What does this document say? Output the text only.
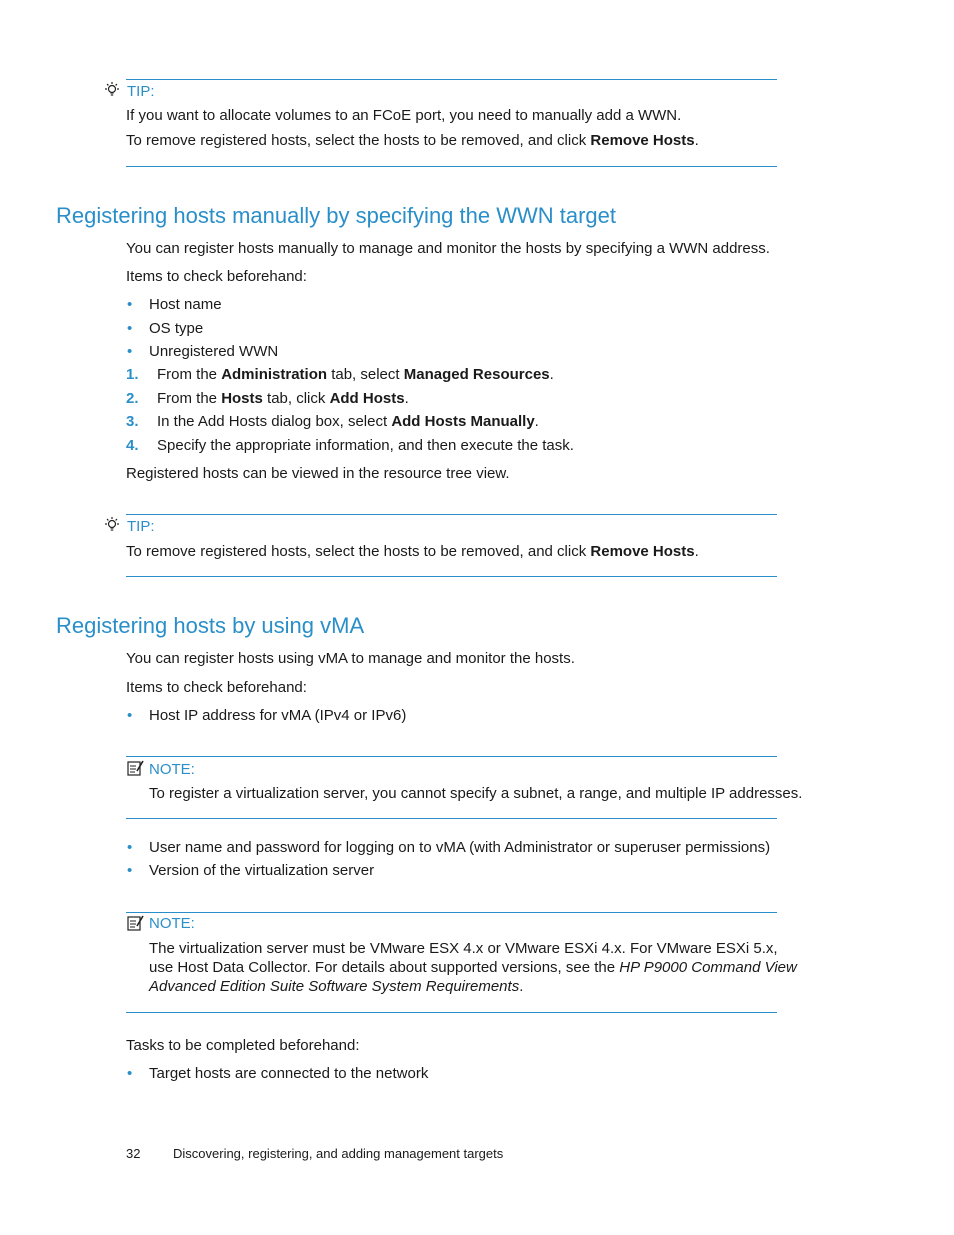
TIP:
If you want to allocate volumes to an FCoE port, you need to manually add a WWN.
To remove registered hosts, select the hosts to be removed, and click Remove Hosts.
Registering hosts manually by specifying the WWN target
You can register hosts manually to manage and monitor the hosts by specifying a WWN address.
Items to check beforehand:
• Host name
• OS type
• Unregistered WWN
1. From the Administration tab, select Managed Resources.
2. From the Hosts tab, click Add Hosts.
3. In the Add Hosts dialog box, select Add Hosts Manually.
4. Specify the appropriate information, and then execute the task.
Registered hosts can be viewed in the resource tree view.
TIP:
To remove registered hosts, select the hosts to be removed, and click Remove Hosts.
Registering hosts by using vMA
You can register hosts using vMA to manage and monitor the hosts.
Items to check beforehand:
• Host IP address for vMA (IPv4 or IPv6)
NOTE:
To register a virtualization server, you cannot specify a subnet, a range, and multiple IP addresses.
• User name and password for logging on to vMA (with Administrator or superuser permissions)
• Version of the virtualization server
NOTE:
The virtualization server must be VMware ESX 4.x or VMware ESXi 4.x. For VMware ESXi 5.x,
use Host Data Collector. For details about supported versions, see the HP P9000 Command View
Advanced Edition Suite Software System Requirements.
Tasks to be completed beforehand:
• Target hosts are connected to the network
32	Discovering, registering, and adding management targets
